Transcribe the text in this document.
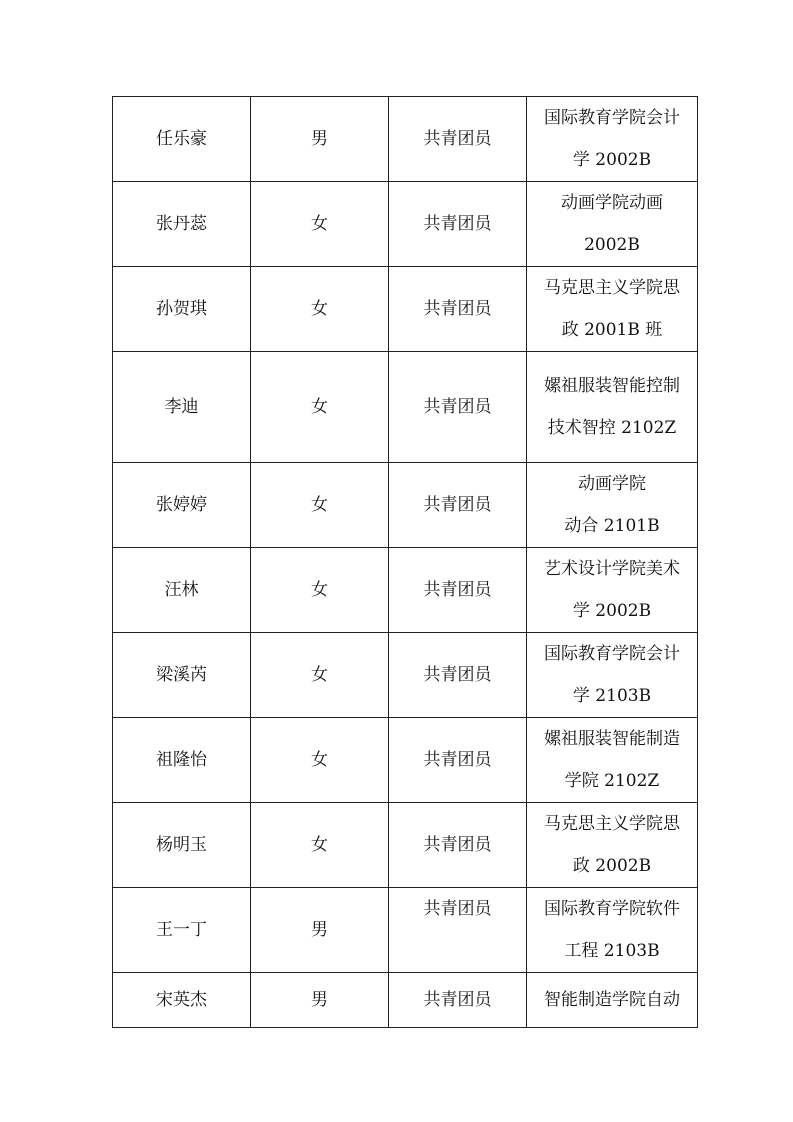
任乐豪	男	共青团员	国际教育学院会计
学 2002B

张丹蕊	女	共青团员	动画学院动画
2002B

孙贺琪	女	共青团员	马克思主义学院思
政 2001B 班

李迪	女	共青团员	嫘祖服装智能控制
技术智控 2102Z

张婷婷	女	共青团员	动画学院
动合 2101B

汪林	女	共青团员	艺术设计学院美术
学 2002B

梁溪芮	女	共青团员	国际教育学院会计
学 2103B

祖隆怡	女	共青团员	嫘祖服装智能制造
学院 2102Z

杨明玉	女	共青团员	马克思主义学院思
政 2002B

王一丁	男	共青团员	国际教育学院软件
工程 2103B

宋英杰	男	共青团员	智能制造学院自动
